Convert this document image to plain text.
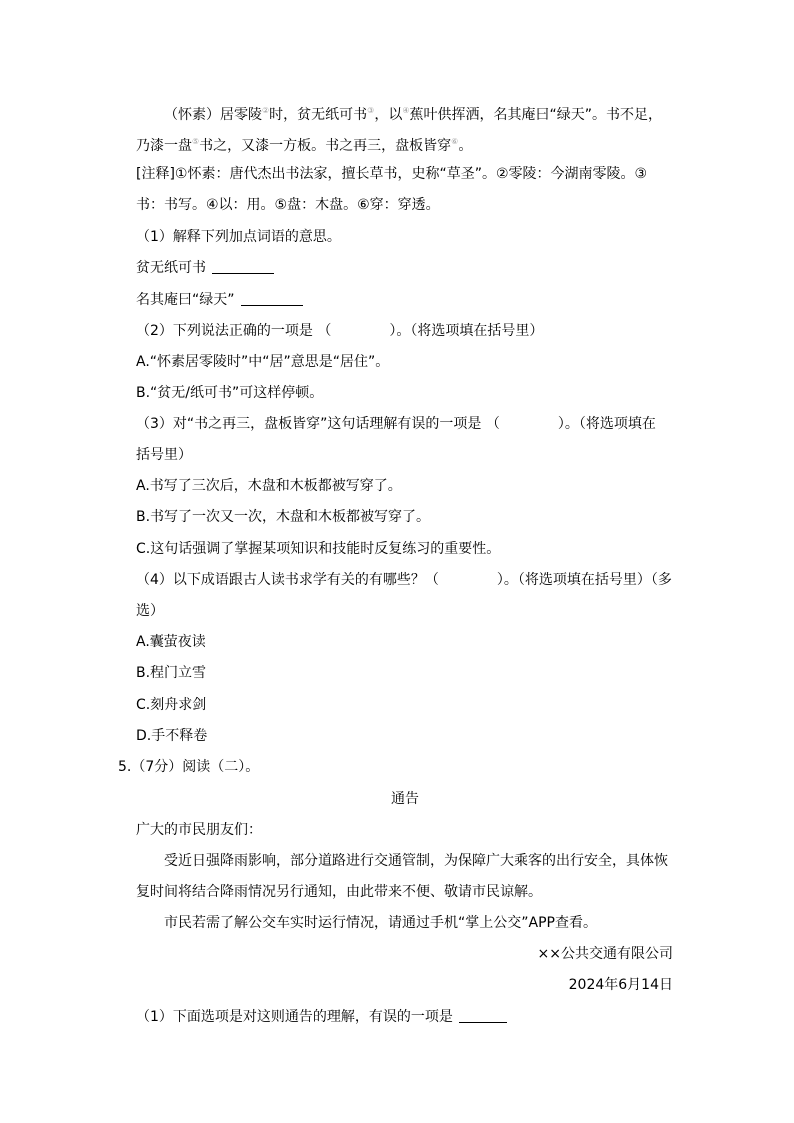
（怀素）居零陵②时，贫无纸可书③，以④蕉叶供挥洒，名其庵曰“绿天”。书不足，
乃漆一盘⑤书之，又漆一方板。书之再三，盘板皆穿⑥。
[注释]①怀素：唐代杰出书法家，擅长草书，史称“草圣”。②零陵：今湖南零陵。③
书：书写。④以：用。⑤盘：木盘。⑥穿：穿透。
（1）解释下列加点词语的意思。
贫无纸可书
名其庵曰“绿天”
（2）下列说法正确的一项是 （	）。（将选项填在括号里）
A.“怀素居零陵时”中“居”意思是“居住”。
B.“贫无/纸可书”可这样停顿。
（3）对“书之再三，盘板皆穿”这句话理解有误的一项是 （	）。（将选项填在
括号里）
A.书写了三次后，木盘和木板都被写穿了。
B.书写了一次又一次，木盘和木板都被写穿了。
C.这句话强调了掌握某项知识和技能时反复练习的重要性。
（4）以下成语跟古人读书求学有关的有哪些？（	）。（将选项填在括号里）（多
选）
A.囊萤夜读
B.程门立雪
C.刻舟求剑
D.手不释卷
5.（7分）阅读（二）。
通告
广大的市民朋友们：
受近日强降雨影响，部分道路进行交通管制，为保障广大乘客的出行安全，具体恢
复时间将结合降雨情况另行通知，由此带来不便、敬请市民谅解。
市民若需了解公交车实时运行情况，请通过手机“掌上公交”APP查看。
××公共交通有限公司
2024年6月14日
（1）下面选项是对这则通告的理解，有误的一项是
